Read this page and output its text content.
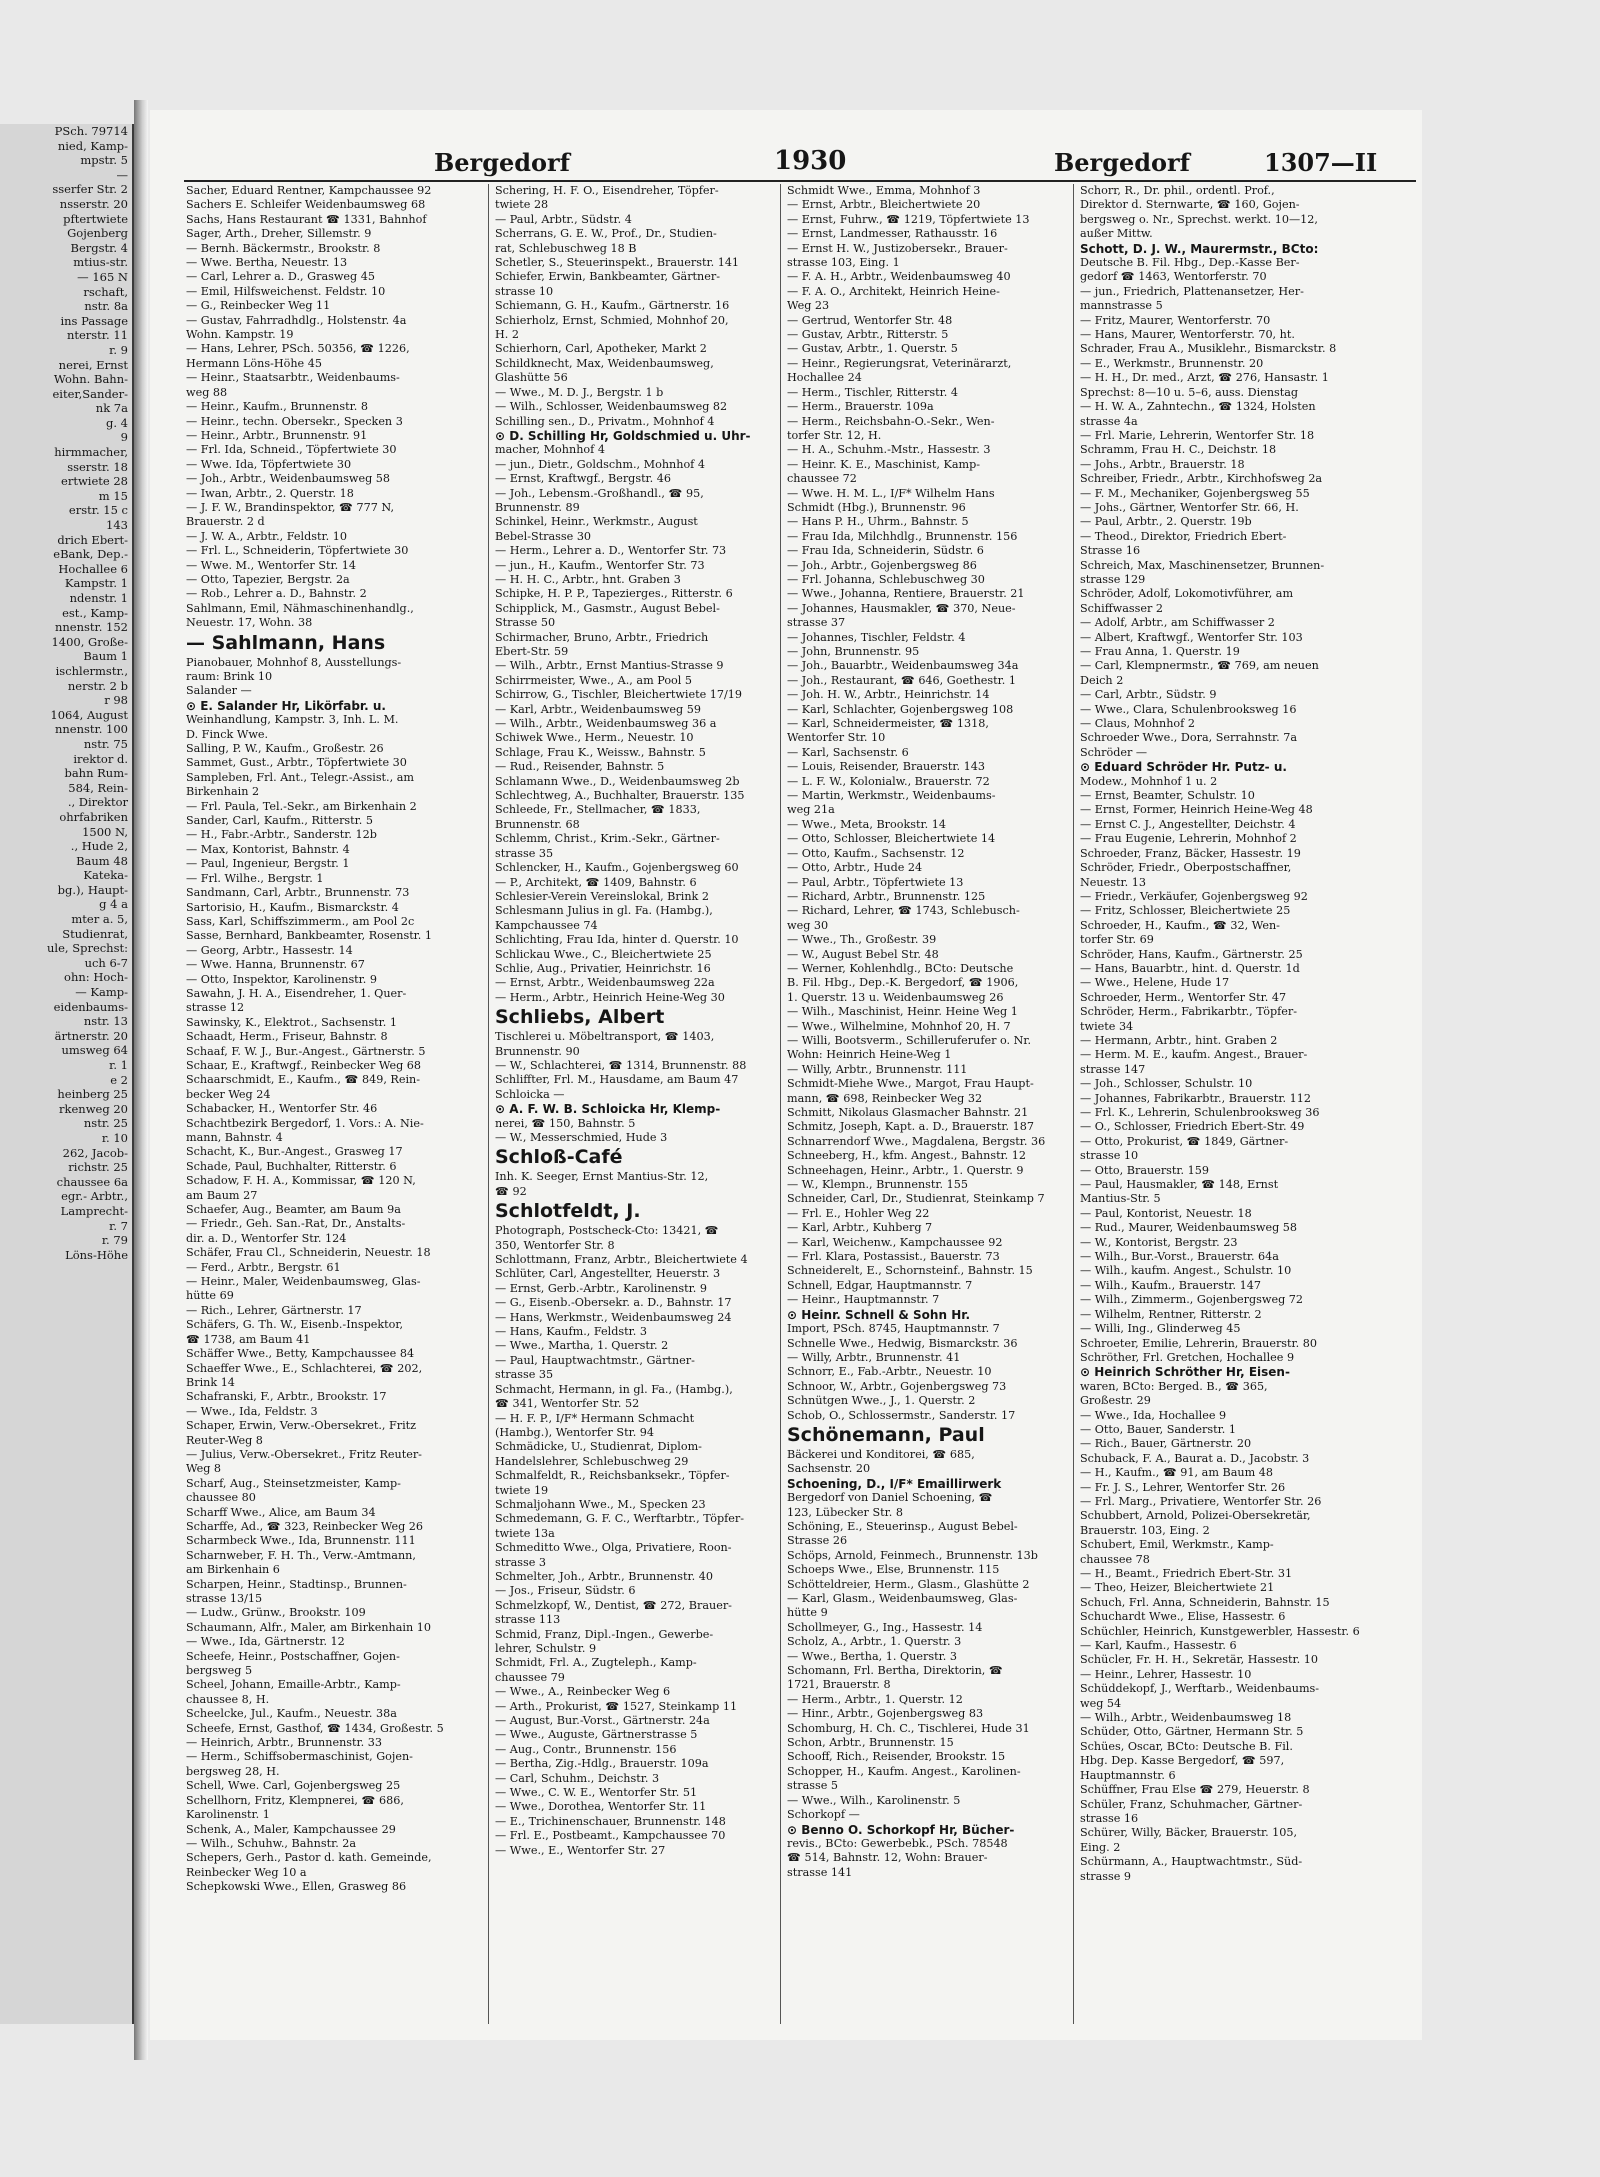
PSch. 79714
nied, Kamp-
mpstr. 5
—
sserfer Str. 2
nsserstr. 20
pftertwiete
Gojenberg
Bergstr. 4
mtius-str.
— 165 N
rschaft,
nstr. 8a
ins Passage
nterstr. 11
r. 9
nerei, Ernst
Wohn. Bahn-
eiter,Sander-
nk 7a
g. 4
9
hirmmacher,
sserstr. 18
ertwiete 28
m 15
erstr. 15 c
143
drich Ebert-
eBank, Dep.-
Hochallee 6
Kampstr. 1
ndenstr. 1
est., Kamp-
nnenstr. 152
1400, Große-
Baum 1
ischlermstr.,
nerstr. 2 b
r 98
1064, August
nnenstr. 100
nstr. 75
irektor d.
bahn Rum-
584, Rein-
., Direktor
ohrfabriken
1500 N,
., Hude 2,
Baum 48
Kateka-
bg.), Haupt-
g 4 a
mter a. 5,
Studienrat,
ule, Sprechst:
uch 6-7
ohn: Hoch-
— Kamp-
eidenbaums-
nstr. 13
ärtnerstr. 20
umsweg 64
r. 1
e 2
heinberg 25
rkenweg 20
nstr. 25
r. 10
262, Jacob-
richstr. 25
chaussee 6a
egr.- Arbtr.,
Lamprecht-
r. 7
r. 79
Löns-Höhe
Bergedorf	1930	Bergedorf	1307—II
Sacher, Eduard Rentner, Kampchaussee 92
Sachers E. Schleifer Weidenbaumsweg 68
Sachs, Hans Restaurant ☎ 1331, Bahnhof
Sager, Arth., Dreher, Sillemstr. 9
— Bernh. Bäckermstr., Brookstr. 8
— Wwe. Bertha, Neuestr. 13
— Carl, Lehrer a. D., Grasweg 45
— Emil, Hilfsweichenst. Feldstr. 10
— G., Reinbecker Weg 11
— Gustav, Fahrradhdlg., Holstenstr. 4a
Wohn. Kampstr. 19
— Hans, Lehrer, PSch. 50356, ☎ 1226,
Hermann Löns-Höhe 45
— Heinr., Staatsarbtr., Weidenbaums-
weg 88
— Heinr., Kaufm., Brunnenstr. 8
— Heinr., techn. Obersekr., Specken 3
— Heinr., Arbtr., Brunnenstr. 91
— Frl. Ida, Schneid., Töpfertwiete 30
— Wwe. Ida, Töpfertwiete 30
— Joh., Arbtr., Weidenbaumsweg 58
— Iwan, Arbtr., 2. Querstr. 18
— J. F. W., Brandinspektor, ☎ 777 N,
Brauerstr. 2 d
— J. W. A., Arbtr., Feldstr. 10
— Frl. L., Schneiderin, Töpfertwiete 30
— Wwe. M., Wentorfer Str. 14
— Otto, Tapezier, Bergstr. 2a
— Rob., Lehrer a. D., Bahnstr. 2
Sahlmann, Emil, Nähmaschinenhandlg.,
Neuestr. 17, Wohn. 38
— Sahlmann, Hans
Pianobauer, Mohnhof 8, Ausstellungs-
raum: Brink 10
Salander —
⊙ E. Salander Hr, Likörfabr. u.
Weinhandlung, Kampstr. 3, Inh. L. M.
D. Finck Wwe.
Salling, P. W., Kaufm., Großestr. 26
Sammet, Gust., Arbtr., Töpfertwiete 30
Sampleben, Frl. Ant., Telegr.-Assist., am
Birkenhain 2
— Frl. Paula, Tel.-Sekr., am Birkenhain 2
Sander, Carl, Kaufm., Ritterstr. 5
— H., Fabr.-Arbtr., Sanderstr. 12b
— Max, Kontorist, Bahnstr. 4
— Paul, Ingenieur, Bergstr. 1
— Frl. Wilhe., Bergstr. 1
Sandmann, Carl, Arbtr., Brunnenstr. 73
Sartorisio, H., Kaufm., Bismarckstr. 4
Sass, Karl, Schiffszimmerm., am Pool 2c
Sasse, Bernhard, Bankbeamter, Rosenstr. 1
— Georg, Arbtr., Hassestr. 14
— Wwe. Hanna, Brunnenstr. 67
— Otto, Inspektor, Karolinenstr. 9
Sawahn, J. H. A., Eisendreher, 1. Quer-
strasse 12
Sawinsky, K., Elektrot., Sachsenstr. 1
Schaadt, Herm., Friseur, Bahnstr. 8
Schaaf, F. W. J., Bur.-Angest., Gärtnerstr. 5
Schaar, E., Kraftwgf., Reinbecker Weg 68
Schaarschmidt, E., Kaufm., ☎ 849, Rein-
becker Weg 24
Schabacker, H., Wentorfer Str. 46
Schachtbezirk Bergedorf, 1. Vors.: A. Nie-
mann, Bahnstr. 4
Schacht, K., Bur.-Angest., Grasweg 17
Schade, Paul, Buchhalter, Ritterstr. 6
Schadow, F. H. A., Kommissar, ☎ 120 N,
am Baum 27
Schaefer, Aug., Beamter, am Baum 9a
— Friedr., Geh. San.-Rat, Dr., Anstalts-
dir. a. D., Wentorfer Str. 124
Schäfer, Frau Cl., Schneiderin, Neuestr. 18
— Ferd., Arbtr., Bergstr. 61
— Heinr., Maler, Weidenbaumsweg, Glas-
hütte 69
— Rich., Lehrer, Gärtnerstr. 17
Schäfers, G. Th. W., Eisenb.-Inspektor,
☎ 1738, am Baum 41
Schäffer Wwe., Betty, Kampchaussee 84
Schaeffer Wwe., E., Schlachterei, ☎ 202,
Brink 14
Schafranski, F., Arbtr., Brookstr. 17
— Wwe., Ida, Feldstr. 3
Schaper, Erwin, Verw.-Obersekret., Fritz
Reuter-Weg 8
— Julius, Verw.-Obersekret., Fritz Reuter-
Weg 8
Scharf, Aug., Steinsetzmeister, Kamp-
chaussee 80
Scharff Wwe., Alice, am Baum 34
Scharffe, Ad., ☎ 323, Reinbecker Weg 26
Scharmbeck Wwe., Ida, Brunnenstr. 111
Scharnweber, F. H. Th., Verw.-Amtmann,
am Birkenhain 6
Scharpen, Heinr., Stadtinsp., Brunnen-
strasse 13/15
— Ludw., Grünw., Brookstr. 109
Schaumann, Alfr., Maler, am Birkenhain 10
— Wwe., Ida, Gärtnerstr. 12
Scheefe, Heinr., Postschaffner, Gojen-
bergsweg 5
Scheel, Johann, Emaille-Arbtr., Kamp-
chaussee 8, H.
Scheelcke, Jul., Kaufm., Neuestr. 38a
Scheefe, Ernst, Gasthof, ☎ 1434, Großestr. 5
— Heinrich, Arbtr., Brunnenstr. 33
— Herm., Schiffsobermaschinist, Gojen-
bergsweg 28, H.
Schell, Wwe. Carl, Gojenbergsweg 25
Schellhorn, Fritz, Klempnerei, ☎ 686,
Karolinenstr. 1
Schenk, A., Maler, Kampchaussee 29
— Wilh., Schuhw., Bahnstr. 2a
Schepers, Gerh., Pastor d. kath. Gemeinde,
Reinbecker Weg 10 a
Schepkowski Wwe., Ellen, Grasweg 86
Schering, H. F. O., Eisendreher, Töpfer-
twiete 28
— Paul, Arbtr., Südstr. 4
Scherrans, G. E. W., Prof., Dr., Studien-
rat, Schlebuschweg 18 B
Schetler, S., Steuerinspekt., Brauerstr. 141
Schiefer, Erwin, Bankbeamter, Gärtner-
strasse 10
Schiemann, G. H., Kaufm., Gärtnerstr. 16
Schierholz, Ernst, Schmied, Mohnhof 20,
H. 2
Schierhorn, Carl, Apotheker, Markt 2
Schildknecht, Max, Weidenbaumsweg,
Glashütte 56
— Wwe., M. D. J., Bergstr. 1 b
— Wilh., Schlosser, Weidenbaumsweg 82
Schilling sen., D., Privatm., Mohnhof 4
⊙ D. Schilling Hr, Goldschmied u. Uhr-
macher, Mohnhof 4
— jun., Dietr., Goldschm., Mohnhof 4
— Ernst, Kraftwgf., Bergstr. 46
— Joh., Lebensm.-Großhandl., ☎ 95,
Brunnenstr. 89
Schinkel, Heinr., Werkmstr., August
Bebel-Strasse 30
— Herm., Lehrer a. D., Wentorfer Str. 73
— jun., H., Kaufm., Wentorfer Str. 73
— H. H. C., Arbtr., hnt. Graben 3
Schipke, H. P. P., Tapezierges., Ritterstr. 6
Schipplick, M., Gasmstr., August Bebel-
Strasse 50
Schirmacher, Bruno, Arbtr., Friedrich
Ebert-Str. 59
— Wilh., Arbtr., Ernst Mantius-Strasse 9
Schirrmeister, Wwe., A., am Pool 5
Schirrow, G., Tischler, Bleichertwiete 17/19
— Karl, Arbtr., Weidenbaumsweg 59
— Wilh., Arbtr., Weidenbaumsweg 36 a
Schiwek Wwe., Herm., Neuestr. 10
Schlage, Frau K., Weissw., Bahnstr. 5
— Rud., Reisender, Bahnstr. 5
Schlamann Wwe., D., Weidenbaumsweg 2b
Schlechtweg, A., Buchhalter, Brauerstr. 135
Schleede, Fr., Stellmacher, ☎ 1833,
Brunnenstr. 68
Schlemm, Christ., Krim.-Sekr., Gärtner-
strasse 35
Schlencker, H., Kaufm., Gojenbergsweg 60
— P., Architekt, ☎ 1409, Bahnstr. 6
Schlesier-Verein Vereinslokal, Brink 2
Schlesmann Julius in gl. Fa. (Hambg.),
Kampchaussee 74
Schlichting, Frau Ida, hinter d. Querstr. 10
Schlickau Wwe., C., Bleichertwiete 25
Schlie, Aug., Privatier, Heinrichstr. 16
— Ernst, Arbtr., Weidenbaumsweg 22a
— Herm., Arbtr., Heinrich Heine-Weg 30
Schliebs, Albert
Tischlerei u. Möbeltransport, ☎ 1403,
Brunnenstr. 90
— W., Schlachterei, ☎ 1314, Brunnenstr. 88
Schliffter, Frl. M., Hausdame, am Baum 47
Schloicka —
⊙ A. F. W. B. Schloicka Hr, Klemp-
nerei, ☎ 150, Bahnstr. 5
— W., Messerschmied, Hude 3
Schloß-Café
Inh. K. Seeger, Ernst Mantius-Str. 12,
☎ 92
Schlotfeldt, J.
Photograph, Postscheck-Cto: 13421, ☎
350, Wentorfer Str. 8
Schlottmann, Franz, Arbtr., Bleichertwiete 4
Schlüter, Carl, Angestellter, Heuerstr. 3
— Ernst, Gerb.-Arbtr., Karolinenstr. 9
— G., Eisenb.-Obersekr. a. D., Bahnstr. 17
— Hans, Werkmstr., Weidenbaumsweg 24
— Hans, Kaufm., Feldstr. 3
— Wwe., Martha, 1. Querstr. 2
— Paul, Hauptwachtmstr., Gärtner-
strasse 35
Schmacht, Hermann, in gl. Fa., (Hambg.),
☎ 341, Wentorfer Str. 52
— H. F. P., I/F* Hermann Schmacht
(Hambg.), Wentorfer Str. 94
Schmädicke, U., Studienrat, Diplom-
Handelslehrer, Schlebuschweg 29
Schmalfeldt, R., Reichsbanksekr., Töpfer-
twiete 19
Schmaljohann Wwe., M., Specken 23
Schmedemann, G. F. C., Werftarbtr., Töpfer-
twiete 13a
Schmeditto Wwe., Olga, Privatiere, Roon-
strasse 3
Schmelter, Joh., Arbtr., Brunnenstr. 40
— Jos., Friseur, Südstr. 6
Schmelzkopf, W., Dentist, ☎ 272, Brauer-
strasse 113
Schmid, Franz, Dipl.-Ingen., Gewerbe-
lehrer, Schulstr. 9
Schmidt, Frl. A., Zugteleph., Kamp-
chaussee 79
— Wwe., A., Reinbecker Weg 6
— Arth., Prokurist, ☎ 1527, Steinkamp 11
— August, Bur.-Vorst., Gärtnerstr. 24a
— Wwe., Auguste, Gärtnerstrasse 5
— Aug., Contr., Brunnenstr. 156
— Bertha, Zig.-Hdlg., Brauerstr. 109a
— Carl, Schuhm., Deichstr. 3
— Wwe., C. W. E., Wentorfer Str. 51
— Wwe., Dorothea, Wentorfer Str. 11
— E., Trichinenschauer, Brunnenstr. 148
— Frl. E., Postbeamt., Kampchaussee 70
— Wwe., E., Wentorfer Str. 27
Schmidt Wwe., Emma, Mohnhof 3
— Ernst, Arbtr., Bleichertwiete 20
— Ernst, Fuhrw., ☎ 1219, Töpfertwiete 13
— Ernst, Landmesser, Rathausstr. 16
— Ernst H. W., Justizobersekr., Brauer-
strasse 103, Eing. 1
— F. A. H., Arbtr., Weidenbaumsweg 40
— F. A. O., Architekt, Heinrich Heine-
Weg 23
— Gertrud, Wentorfer Str. 48
— Gustav, Arbtr., Ritterstr. 5
— Gustav, Arbtr., 1. Querstr. 5
— Heinr., Regierungsrat, Veterinärarzt,
Hochallee 24
— Herm., Tischler, Ritterstr. 4
— Herm., Brauerstr. 109a
— Herm., Reichsbahn-O.-Sekr., Wen-
torfer Str. 12, H.
— H. A., Schuhm.-Mstr., Hassestr. 3
— Heinr. K. E., Maschinist, Kamp-
chaussee 72
— Wwe. H. M. L., I/F* Wilhelm Hans
Schmidt (Hbg.), Brunnenstr. 96
— Hans P. H., Uhrm., Bahnstr. 5
— Frau Ida, Milchhdlg., Brunnenstr. 156
— Frau Ida, Schneiderin, Südstr. 6
— Joh., Arbtr., Gojenbergsweg 86
— Frl. Johanna, Schlebuschweg 30
— Wwe., Johanna, Rentiere, Brauerstr. 21
— Johannes, Hausmakler, ☎ 370, Neue-
strasse 37
— Johannes, Tischler, Feldstr. 4
— John, Brunnenstr. 95
— Joh., Bauarbtr., Weidenbaumsweg 34a
— Joh., Restaurant, ☎ 646, Goethestr. 1
— Joh. H. W., Arbtr., Heinrichstr. 14
— Karl, Schlachter, Gojenbergsweg 108
— Karl, Schneidermeister, ☎ 1318,
Wentorfer Str. 10
— Karl, Sachsenstr. 6
— Louis, Reisender, Brauerstr. 143
— L. F. W., Kolonialw., Brauerstr. 72
— Martin, Werkmstr., Weidenbaums-
weg 21a
— Wwe., Meta, Brookstr. 14
— Otto, Schlosser, Bleichertwiete 14
— Otto, Kaufm., Sachsenstr. 12
— Otto, Arbtr., Hude 24
— Paul, Arbtr., Töpfertwiete 13
— Richard, Arbtr., Brunnenstr. 125
— Richard, Lehrer, ☎ 1743, Schlebusch-
weg 30
— Wwe., Th., Großestr. 39
— W., August Bebel Str. 48
— Werner, Kohlenhdlg., BCto: Deutsche
B. Fil. Hbg., Dep.-K. Bergedorf, ☎ 1906,
1. Querstr. 13 u. Weidenbaumsweg 26
— Wilh., Maschinist, Heinr. Heine Weg 1
— Wwe., Wilhelmine, Mohnhof 20, H. 7
— Willi, Bootsverm., Schilleruferufer o. Nr.
Wohn: Heinrich Heine-Weg 1
— Willy, Arbtr., Brunnenstr. 111
Schmidt-Miehe Wwe., Margot, Frau Haupt-
mann, ☎ 698, Reinbecker Weg 32
Schmitt, Nikolaus Glasmacher Bahnstr. 21
Schmitz, Joseph, Kapt. a. D., Brauerstr. 187
Schnarrendorf Wwe., Magdalena, Bergstr. 36
Schneeberg, H., kfm. Angest., Bahnstr. 12
Schneehagen, Heinr., Arbtr., 1. Querstr. 9
— W., Klempn., Brunnenstr. 155
Schneider, Carl, Dr., Studienrat, Steinkamp 7
— Frl. E., Hohler Weg 22
— Karl, Arbtr., Kuhberg 7
— Karl, Weichenw., Kampchaussee 92
— Frl. Klara, Postassist., Bauerstr. 73
Schneiderelt, E., Schornsteinf., Bahnstr. 15
Schnell, Edgar, Hauptmannstr. 7
— Heinr., Hauptmannstr. 7
⊙ Heinr. Schnell & Sohn Hr.
Import, PSch. 8745, Hauptmannstr. 7
Schnelle Wwe., Hedwig, Bismarckstr. 36
— Willy, Arbtr., Brunnenstr. 41
Schnorr, E., Fab.-Arbtr., Neuestr. 10
Schnoor, W., Arbtr., Gojenbergsweg 73
Schnütgen Wwe., J., 1. Querstr. 2
Schob, O., Schlossermstr., Sanderstr. 17
Schönemann, Paul
Bäckerei und Konditorei, ☎ 685,
Sachsenstr. 20
Schoening, D., I/F* Emaillirwerk
Bergedorf von Daniel Schoening, ☎
123, Lübecker Str. 8
Schöning, E., Steuerinsp., August Bebel-
Strasse 26
Schöps, Arnold, Feinmech., Brunnenstr. 13b
Schoeps Wwe., Else, Brunnenstr. 115
Schötteldreier, Herm., Glasm., Glashütte 2
— Karl, Glasm., Weidenbaumsweg, Glas-
hütte 9
Schollmeyer, G., Ing., Hassestr. 14
Scholz, A., Arbtr., 1. Querstr. 3
— Wwe., Bertha, 1. Querstr. 3
Schomann, Frl. Bertha, Direktorin, ☎
1721, Brauerstr. 8
— Herm., Arbtr., 1. Querstr. 12
— Hinr., Arbtr., Gojenbergsweg 83
Schomburg, H. Ch. C., Tischlerei, Hude 31
Schon, Arbtr., Brunnenstr. 15
Schooff, Rich., Reisender, Brookstr. 15
Schopper, H., Kaufm. Angest., Karolinen-
strasse 5
— Wwe., Wilh., Karolinenstr. 5
Schorkopf —
⊙ Benno O. Schorkopf Hr, Bücher-
revis., BCto: Gewerbebk., PSch. 78548
☎ 514, Bahnstr. 12, Wohn: Brauer-
strasse 141
Schorr, R., Dr. phil., ordentl. Prof.,
Direktor d. Sternwarte, ☎ 160, Gojen-
bergsweg o. Nr., Sprechst. werkt. 10—12,
außer Mittw.
Schott, D. J. W., Maurermstr., BCto:
Deutsche B. Fil. Hbg., Dep.-Kasse Ber-
gedorf ☎ 1463, Wentorferstr. 70
— jun., Friedrich, Plattenansetzer, Her-
mannstrasse 5
— Fritz, Maurer, Wentorferstr. 70
— Hans, Maurer, Wentorferstr. 70, ht.
Schrader, Frau A., Musiklehr., Bismarckstr. 8
— E., Werkmstr., Brunnenstr. 20
— H. H., Dr. med., Arzt, ☎ 276, Hansastr. 1
Sprechst: 8—10 u. 5–6, auss. Dienstag
— H. W. A., Zahntechn., ☎ 1324, Holsten
strasse 4a
— Frl. Marie, Lehrerin, Wentorfer Str. 18
Schramm, Frau H. C., Deichstr. 18
— Johs., Arbtr., Brauerstr. 18
Schreiber, Friedr., Arbtr., Kirchhofsweg 2a
— F. M., Mechaniker, Gojenbergsweg 55
— Johs., Gärtner, Wentorfer Str. 66, H.
— Paul, Arbtr., 2. Querstr. 19b
— Theod., Direktor, Friedrich Ebert-
Strasse 16
Schreich, Max, Maschinensetzer, Brunnen-
strasse 129
Schröder, Adolf, Lokomotivführer, am
Schiffwasser 2
— Adolf, Arbtr., am Schiffwasser 2
— Albert, Kraftwgf., Wentorfer Str. 103
— Frau Anna, 1. Querstr. 19
— Carl, Klempnermstr., ☎ 769, am neuen
Deich 2
— Carl, Arbtr., Südstr. 9
— Wwe., Clara, Schulenbrooksweg 16
— Claus, Mohnhof 2
Schroeder Wwe., Dora, Serrahnstr. 7a
Schröder —
⊙ Eduard Schröder Hr. Putz- u.
Modew., Mohnhof 1 u. 2
— Ernst, Beamter, Schulstr. 10
— Ernst, Former, Heinrich Heine-Weg 48
— Ernst C. J., Angestellter, Deichstr. 4
— Frau Eugenie, Lehrerin, Mohnhof 2
Schroeder, Franz, Bäcker, Hassestr. 19
Schröder, Friedr., Oberpostschaffner,
Neuestr. 13
— Friedr., Verkäufer, Gojenbergsweg 92
— Fritz, Schlosser, Bleichertwiete 25
Schroeder, H., Kaufm., ☎ 32, Wen-
torfer Str. 69
Schröder, Hans, Kaufm., Gärtnerstr. 25
— Hans, Bauarbtr., hint. d. Querstr. 1d
— Wwe., Helene, Hude 17
Schroeder, Herm., Wentorfer Str. 47
Schröder, Herm., Fabrikarbtr., Töpfer-
twiete 34
— Hermann, Arbtr., hint. Graben 2
— Herm. M. E., kaufm. Angest., Brauer-
strasse 147
— Joh., Schlosser, Schulstr. 10
— Johannes, Fabrikarbtr., Brauerstr. 112
— Frl. K., Lehrerin, Schulenbrooksweg 36
— O., Schlosser, Friedrich Ebert-Str. 49
— Otto, Prokurist, ☎ 1849, Gärtner-
strasse 10
— Otto, Brauerstr. 159
— Paul, Hausmakler, ☎ 148, Ernst
Mantius-Str. 5
— Paul, Kontorist, Neuestr. 18
— Rud., Maurer, Weidenbaumsweg 58
— W., Kontorist, Bergstr. 23
— Wilh., Bur.-Vorst., Brauerstr. 64a
— Wilh., kaufm. Angest., Schulstr. 10
— Wilh., Kaufm., Brauerstr. 147
— Wilh., Zimmerm., Gojenbergsweg 72
— Wilhelm, Rentner, Ritterstr. 2
— Willi, Ing., Glinderweg 45
Schroeter, Emilie, Lehrerin, Brauerstr. 80
Schröther, Frl. Gretchen, Hochallee 9
⊙ Heinrich Schröther Hr, Eisen-
waren, BCto: Berged. B., ☎ 365,
Großestr. 29
— Wwe., Ida, Hochallee 9
— Otto, Bauer, Sanderstr. 1
— Rich., Bauer, Gärtnerstr. 20
Schuback, F. A., Baurat a. D., Jacobstr. 3
— H., Kaufm., ☎ 91, am Baum 48
— Fr. J. S., Lehrer, Wentorfer Str. 26
— Frl. Marg., Privatiere, Wentorfer Str. 26
Schubbert, Arnold, Polizei-Obersekretär,
Brauerstr. 103, Eing. 2
Schubert, Emil, Werkmstr., Kamp-
chaussee 78
— H., Beamt., Friedrich Ebert-Str. 31
— Theo, Heizer, Bleichertwiete 21
Schuch, Frl. Anna, Schneiderin, Bahnstr. 15
Schuchardt Wwe., Elise, Hassestr. 6
Schüchler, Heinrich, Kunstgewerbler, Hassestr. 6
— Karl, Kaufm., Hassestr. 6
Schücler, Fr. H. H., Sekretär, Hassestr. 10
— Heinr., Lehrer, Hassestr. 10
Schüddekopf, J., Werftarb., Weidenbaums-
weg 54
— Wilh., Arbtr., Weidenbaumsweg 18
Schüder, Otto, Gärtner, Hermann Str. 5
Schües, Oscar, BCto: Deutsche B. Fil.
Hbg. Dep. Kasse Bergedorf, ☎ 597,
Hauptmannstr. 6
Schüffner, Frau Else ☎ 279, Heuerstr. 8
Schüler, Franz, Schuhmacher, Gärtner-
strasse 16
Schürer, Willy, Bäcker, Brauerstr. 105,
Eing. 2
Schürmann, A., Hauptwachtmstr., Süd-
strasse 9
